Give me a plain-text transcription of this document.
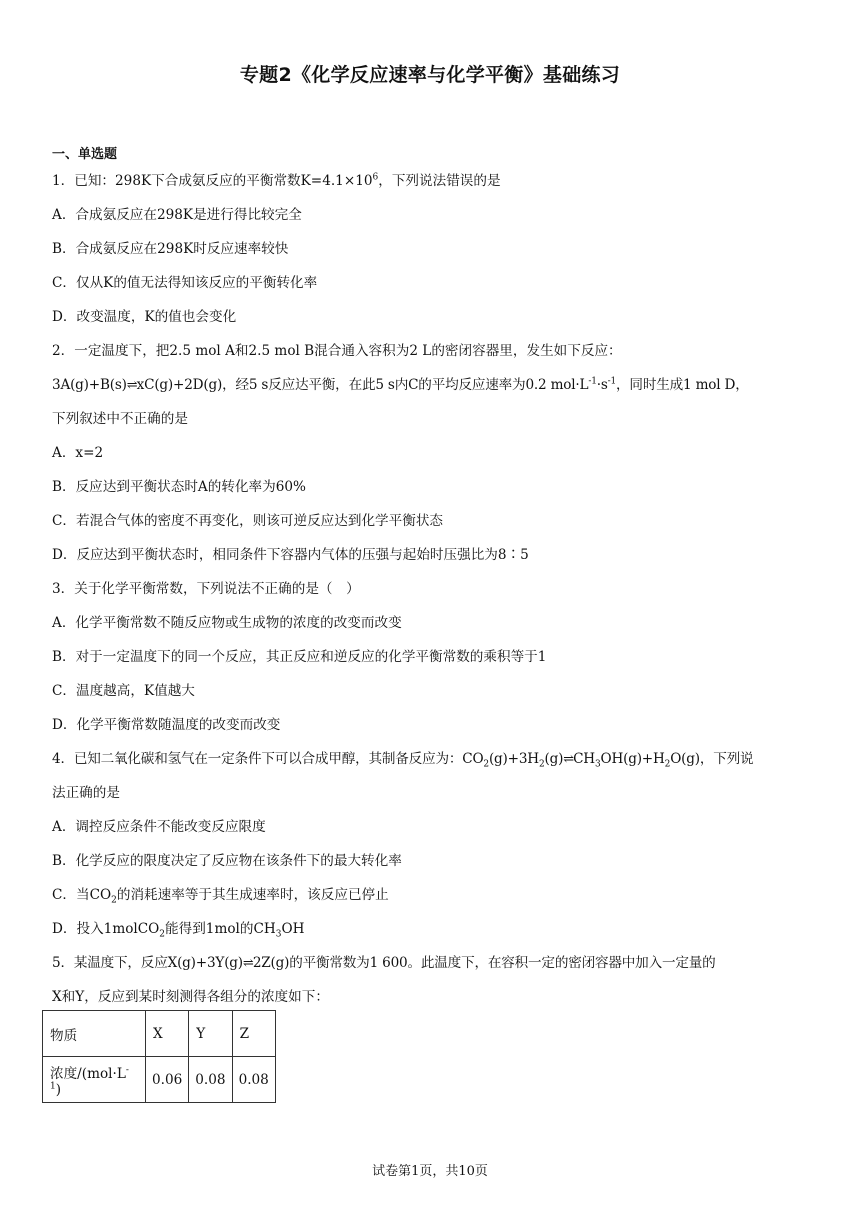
专题2《化学反应速率与化学平衡》基础练习
一、单选题
1．已知：298K下合成氨反应的平衡常数$K=4.1\times 10^6$，下列说法错误的是
A．合成氨反应在298K是进行得比较完全
B．合成氨反应在298K时反应速率较快
C．仅从K的值无法得知该反应的平衡转化率
D．改变温度，K的值也会变化
2．一定温度下，把2.5 mol A和2.5 mol B混合通入容积为2 L的密闭容器里，发生如下反应：
3A(g)+B(s)⇌xC(g)+2D(g)，经5 s反应达平衡，在此5 s内C的平均反应速率为0.2 $mol\cdot L^{-1}\cdot s^{-1}$，同时生成1 mol D，
下列叙述中不正确的是
A．x=2
B．反应达到平衡状态时A的转化率为60%
C．若混合气体的密度不再变化，则该可逆反应达到化学平衡状态
D．反应达到平衡状态时，相同条件下容器内气体的压强与起始时压强比为8∶5
3．关于化学平衡常数，下列说法不正确的是（　）
A．化学平衡常数不随反应物或生成物的浓度的改变而改变
B．对于一定温度下的同一个反应，其正反应和逆反应的化学平衡常数的乘积等于1
C．温度越高，K值越大
D．化学平衡常数随温度的改变而改变
4．已知二氧化碳和氢气在一定条件下可以合成甲醇，其制备反应为：$CO_2(g)+3H_2(g)\rightleftharpoons CH_3OH(g)+H_2O(g)$，下列说
法正确的是
A．调控反应条件不能改变反应限度
B．化学反应的限度决定了反应物在该条件下的最大转化率
C．当$CO_2$的消耗速率等于其生成速率时，该反应已停止
D．投入1molCO$_2$能得到1mol的$CH_3OH$
5．某温度下，反应X(g)+3Y(g)⇌2Z(g)的平衡常数为1 600。此温度下，在容积一定的密闭容器中加入一定量的
X和Y，反应到某时刻测得各组分的浓度如下：
物质	X	Y	Z
浓度$/(mol\cdot L^{-1})$	0.06	0.08	0.08
试卷第1页，共10页
